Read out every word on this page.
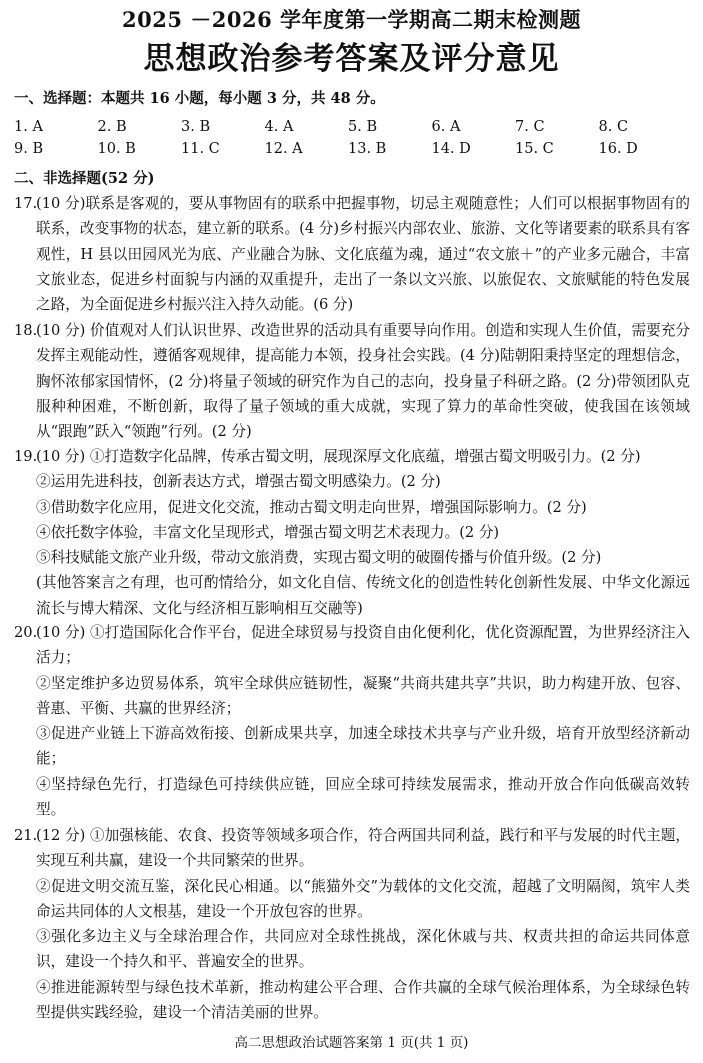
2025 －2026 学年度第一学期高二期末检测题
思想政治参考答案及评分意见
一、选择题：本题共 16 小题，每小题 3 分，共 48 分。
1. A	2. B	3. B	4. A	5. B	6. A	7. C	8. C
9. B	10. B	11. C	12. A	13. B	14. D	15. C	16. D
二、非选择题(52 分)

17.(10 分)联系是客观的，要从事物固有的联系中把握事物，切忌主观随意性；人们可以根据事物固有的联系，改变事物的状态，建立新的联系。(4 分)乡村振兴内部农业、旅游、文化等诸要素的联系具有客观性，H 县以田园风光为底、产业融合为脉、文化底蕴为魂，通过“农文旅＋”的产业多元融合，丰富文旅业态，促进乡村面貌与内涵的双重提升，走出了一条以文兴旅、以旅促农、文旅赋能的特色发展之路，为全面促进乡村振兴注入持久动能。(6 分)

18.(10 分) 价值观对人们认识世界、改造世界的活动具有重要导向作用。创造和实现人生价值，需要充分发挥主观能动性，遵循客观规律，提高能力本领，投身社会实践。(4 分)陆朝阳秉持坚定的理想信念，胸怀浓郁家国情怀，(2 分)将量子领域的研究作为自己的志向，投身量子科研之路。(2 分)带领团队克服种种困难，不断创新，取得了量子领域的重大成就，实现了算力的革命性突破，使我国在该领域从“跟跑”跃入“领跑”行列。(2 分)

19.(10 分) ①打造数字化品牌，传承古蜀文明，展现深厚文化底蕴，增强古蜀文明吸引力。(2 分)

②运用先进科技，创新表达方式，增强古蜀文明感染力。(2 分)

③借助数字化应用，促进文化交流，推动古蜀文明走向世界，增强国际影响力。(2 分)

④依托数字体验，丰富文化呈现形式，增强古蜀文明艺术表现力。(2 分)

⑤科技赋能文旅产业升级，带动文旅消费，实现古蜀文明的破圈传播与价值升级。(2 分)

(其他答案言之有理，也可酌情给分，如文化自信、传统文化的创造性转化创新性发展、中华文化源远流长与博大精深、文化与经济相互影响相互交融等)

20.(10 分) ①打造国际化合作平台，促进全球贸易与投资自由化便利化，优化资源配置，为世界经济注入活力；

②坚定维护多边贸易体系，筑牢全球供应链韧性，凝聚“共商共建共享”共识，助力构建开放、包容、普惠、平衡、共赢的世界经济；

③促进产业链上下游高效衔接、创新成果共享，加速全球技术共享与产业升级，培育开放型经济新动能；

④坚持绿色先行，打造绿色可持续供应链，回应全球可持续发展需求，推动开放合作向低碳高效转型。

21.(12 分) ①加强核能、农食、投资等领域多项合作，符合两国共同利益，践行和平与发展的时代主题，实现互利共赢，建设一个共同繁荣的世界。

②促进文明交流互鉴，深化民心相通。以“熊猫外交”为载体的文化交流，超越了文明隔阂，筑牢人类命运共同体的人文根基，建设一个开放包容的世界。

③强化多边主义与全球治理合作，共同应对全球性挑战，深化休戚与共、权责共担的命运共同体意识，建设一个持久和平、普遍安全的世界。

④推进能源转型与绿色技术革新，推动构建公平合理、合作共赢的全球气候治理体系，为全球绿色转型提供实践经验，建设一个清洁美丽的世界。

高二思想政治试题答案第 1 页(共 1 页)
